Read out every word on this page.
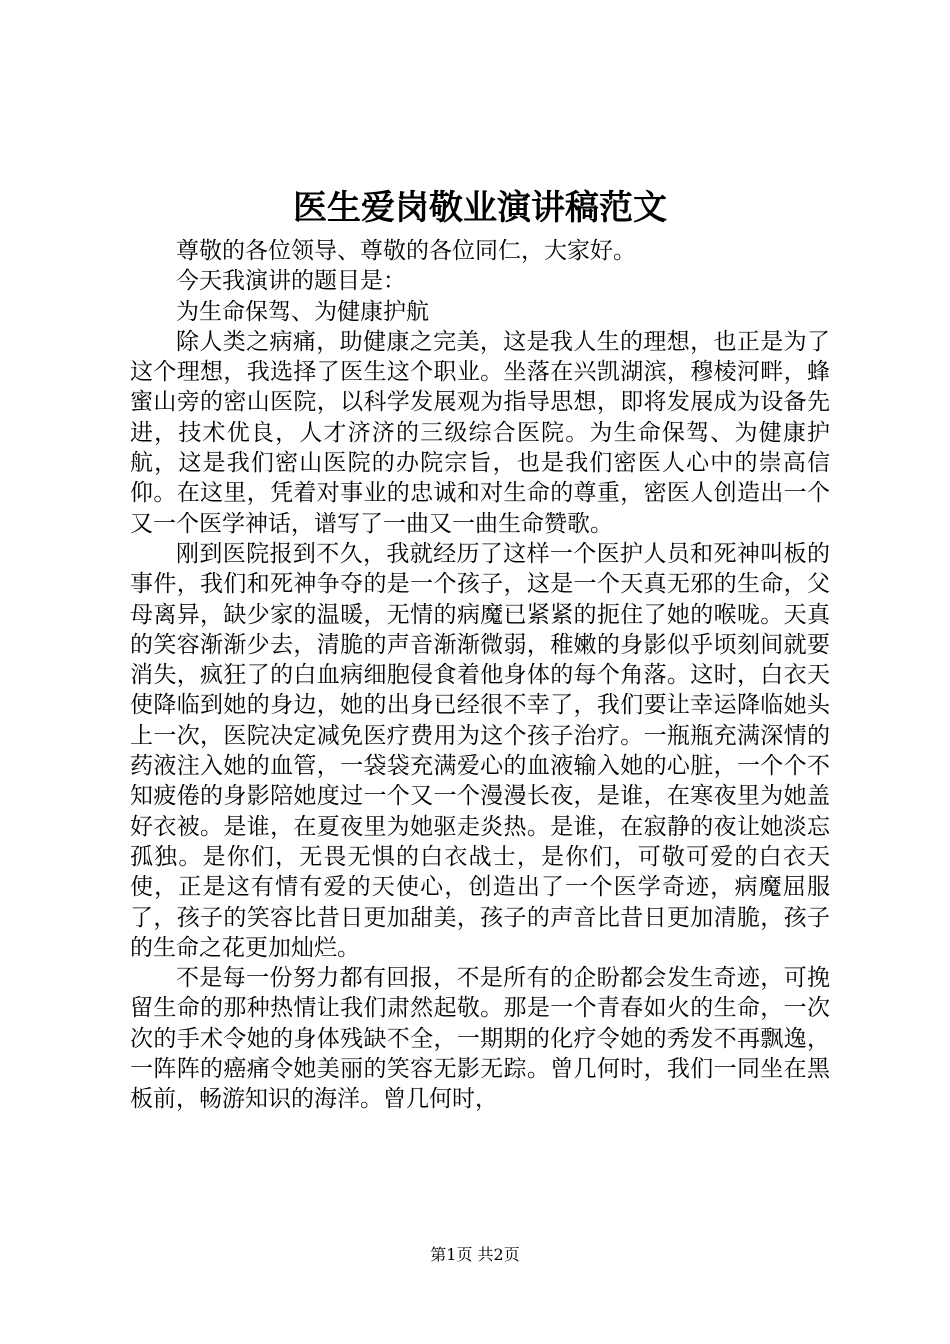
医生爱岗敬业演讲稿范文

尊敬的各位领导、尊敬的各位同仁，大家好。

今天我演讲的题目是：

为生命保驾、为健康护航

除人类之病痛，助健康之完美，这是我人生的理想，也正是为了这个理想，我选择了医生这个职业。坐落在兴凯湖滨，穆棱河畔，蜂蜜山旁的密山医院，以科学发展观为指导思想，即将发展成为设备先进，技术优良，人才济济的三级综合医院。为生命保驾、为健康护航，这是我们密山医院的办院宗旨，也是我们密医人心中的崇高信仰。在这里，凭着对事业的忠诚和对生命的尊重，密医人创造出一个又一个医学神话，谱写了一曲又一曲生命赞歌。

刚到医院报到不久，我就经历了这样一个医护人员和死神叫板的事件，我们和死神争夺的是一个孩子，这是一个天真无邪的生命，父母离异，缺少家的温暖，无情的病魔已紧紧的扼住了她的喉咙。天真的笑容渐渐少去，清脆的声音渐渐微弱，稚嫩的身影似乎顷刻间就要消失，疯狂了的白血病细胞侵食着他身体的每个角落。这时，白衣天使降临到她的身边，她的出身已经很不幸了，我们要让幸运降临她头上一次，医院决定减免医疗费用为这个孩子治疗。一瓶瓶充满深情的药液注入她的血管，一袋袋充满爱心的血液输入她的心脏，一个个不知疲倦的身影陪她度过一个又一个漫漫长夜，是谁，在寒夜里为她盖好衣被。是谁，在夏夜里为她驱走炎热。是谁，在寂静的夜让她淡忘孤独。是你们，无畏无惧的白衣战士，是你们，可敬可爱的白衣天使，正是这有情有爱的天使心，创造出了一个医学奇迹，病魔屈服了，孩子的笑容比昔日更加甜美，孩子的声音比昔日更加清脆，孩子的生命之花更加灿烂。

不是每一份努力都有回报，不是所有的企盼都会发生奇迹，可挽留生命的那种热情让我们肃然起敬。那是一个青春如火的生命，一次次的手术令她的身体残缺不全，一期期的化疗令她的秀发不再飘逸，一阵阵的癌痛令她美丽的笑容无影无踪。曾几何时，我们一同坐在黑板前，畅游知识的海洋。曾几何时，

第1页 共2页
